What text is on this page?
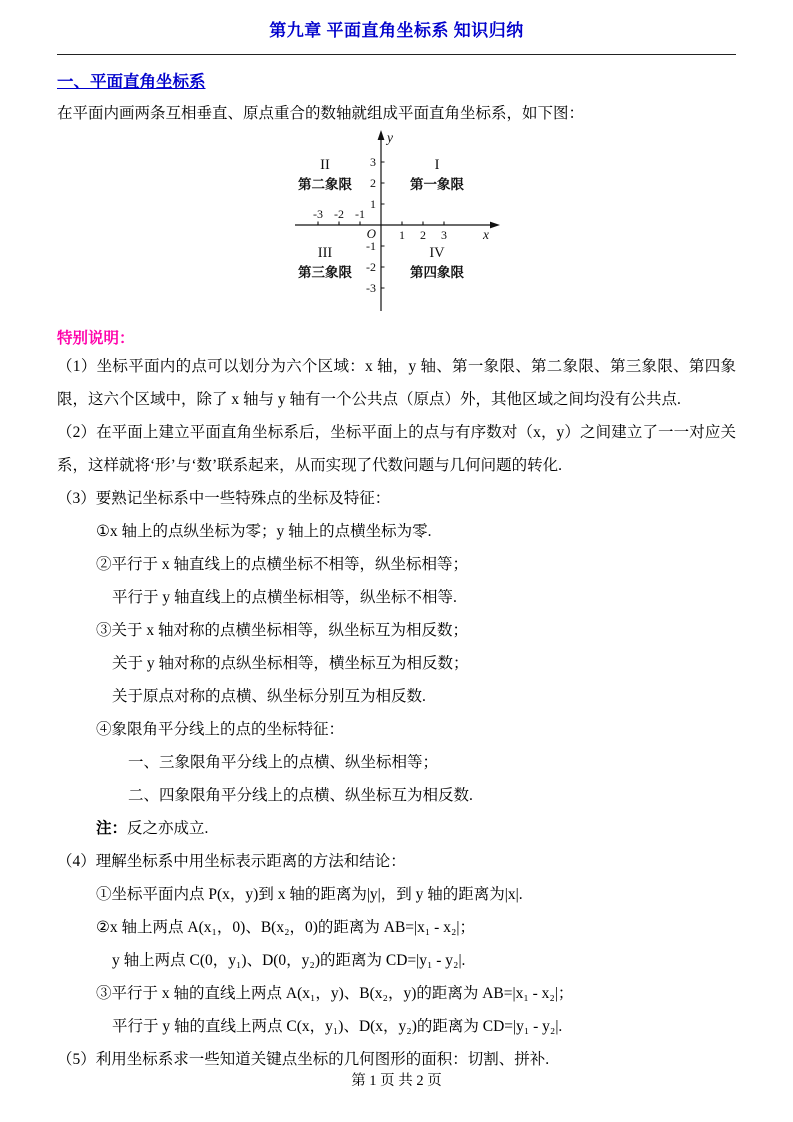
第九章 平面直角坐标系 知识归纳
一、平面直角坐标系

在平面内画两条互相垂直、原点重合的数轴就组成平面直角坐标系，如下图：

y
x
O
-3 -2 -1
1 2 3
3
2
1
-1
-2
-3
I
第一象限
II
第二象限
III
第三象限
IV
第四象限
特别说明：

（1）坐标平面内的点可以划分为六个区域：x 轴，y 轴、第一象限、第二象限、第三象限、第四象限，这六个区域中，除了 x 轴与 y 轴有一个公共点（原点）外，其他区域之间均没有公共点.

（2）在平面上建立平面直角坐标系后，坐标平面上的点与有序数对（x，y）之间建立了一一对应关系，这样就将‘形’与‘数’联系起来，从而实现了代数问题与几何问题的转化.

（3）要熟记坐标系中一些特殊点的坐标及特征：

①x 轴上的点纵坐标为零；y 轴上的点横坐标为零.

②平行于 x 轴直线上的点横坐标不相等，纵坐标相等；

平行于 y 轴直线上的点横坐标相等，纵坐标不相等.

③关于 x 轴对称的点横坐标相等，纵坐标互为相反数；

关于 y 轴对称的点纵坐标相等，横坐标互为相反数；

关于原点对称的点横、纵坐标分别互为相反数.

④象限角平分线上的点的坐标特征：

一、三象限角平分线上的点横、纵坐标相等；

二、四象限角平分线上的点横、纵坐标互为相反数.

注：反之亦成立.

（4）理解坐标系中用坐标表示距离的方法和结论：

①坐标平面内点 P(x，y)到 x 轴的距离为|y|，到 y 轴的距离为|x|.

②x 轴上两点 A(x₁，0)、B(x₂，0)的距离为 AB=|x₁ - x₂|；

y 轴上两点 C(0，y₁)、D(0，y₂)的距离为 CD=|y₁ - y₂|.

③平行于 x 轴的直线上两点 A(x₁，y)、B(x₂，y)的距离为 AB=|x₁ - x₂|；

平行于 y 轴的直线上两点 C(x，y₁)、D(x，y₂)的距离为 CD=|y₁ - y₂|.

（5）利用坐标系求一些知道关键点坐标的几何图形的面积：切割、拼补.

第 1 页 共 2 页
